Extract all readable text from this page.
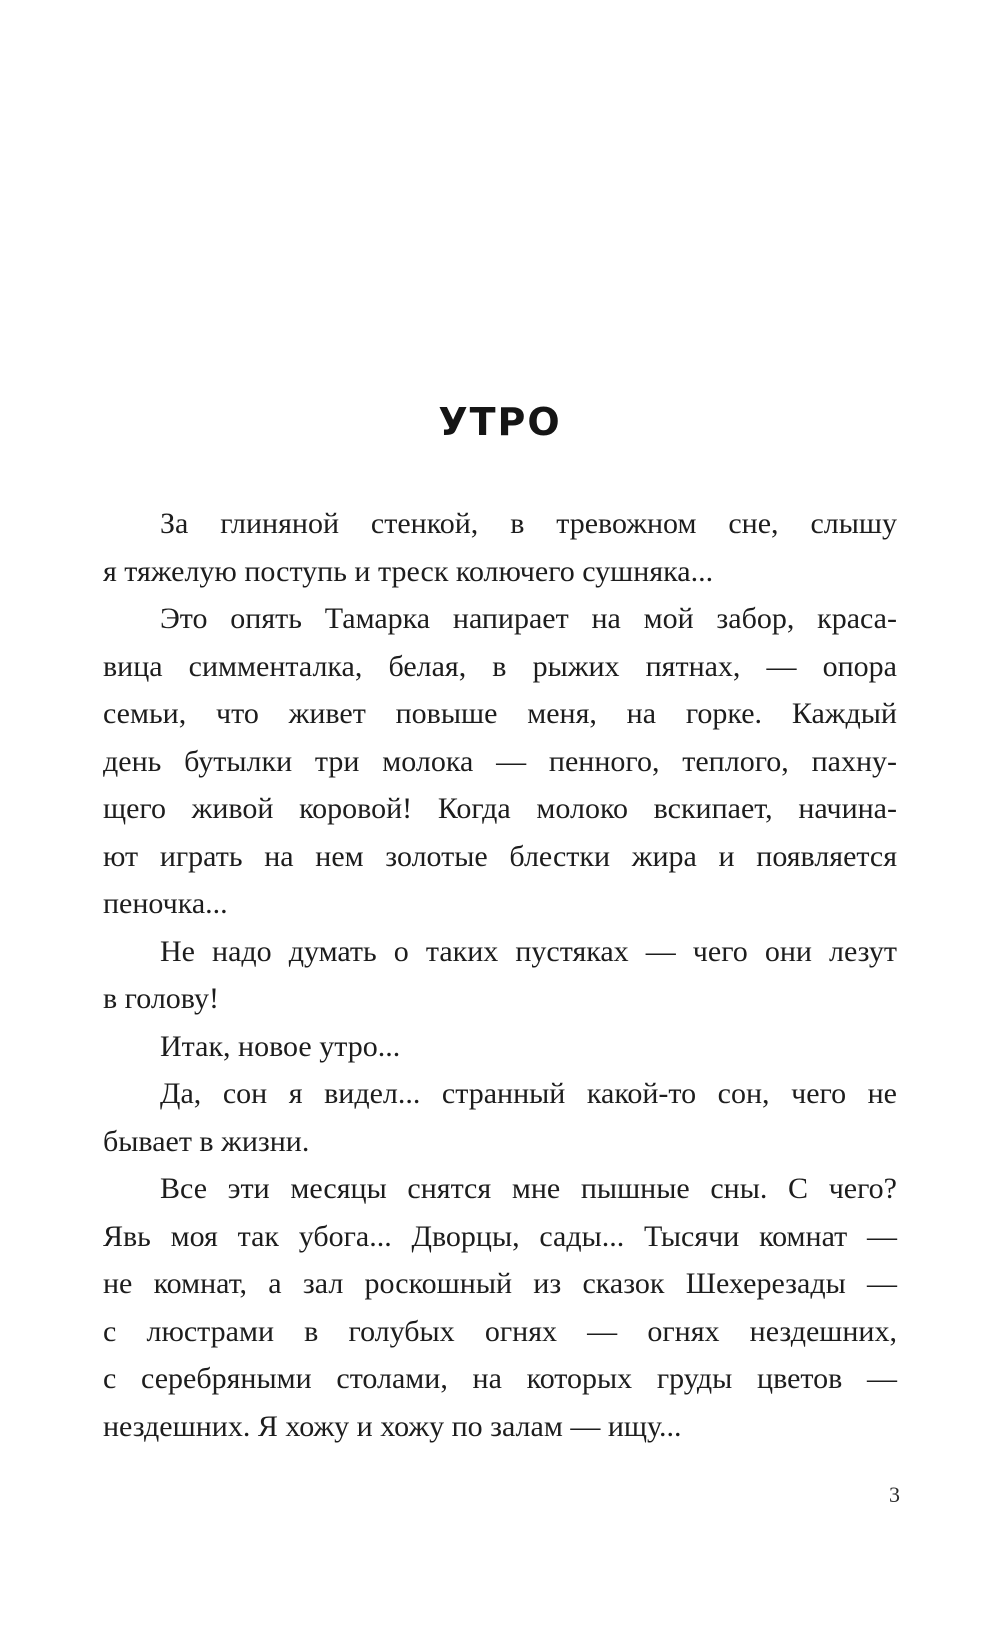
УТРО
За глиняной стенкой, в тревожном сне, слышу
я тяжелую поступь и треск колючего сушняка...
Это опять Тамарка напирает на мой забор, краса-
вица симменталка, белая, в рыжих пятнах, — опора
семьи, что живет повыше меня, на горке. Каждый
день бутылки три молока — пенного, теплого, пахну-
щего живой коровой! Когда молоко вскипает, начина-
ют играть на нем золотые блестки жира и появляется
пеночка...
Не надо думать о таких пустяках — чего они лезут
в голову!
Итак, новое утро...
Да, сон я видел... странный какой-то сон, чего не
бывает в жизни.
Все эти месяцы снятся мне пышные сны. С чего?
Явь моя так убога... Дворцы, сады... Тысячи комнат —
не комнат, а зал роскошный из сказок Шехерезады —
с люстрами в голубых огнях — огнях нездешних,
с серебряными столами, на которых груды цветов —
нездешних. Я хожу и хожу по залам — ищу...
3
